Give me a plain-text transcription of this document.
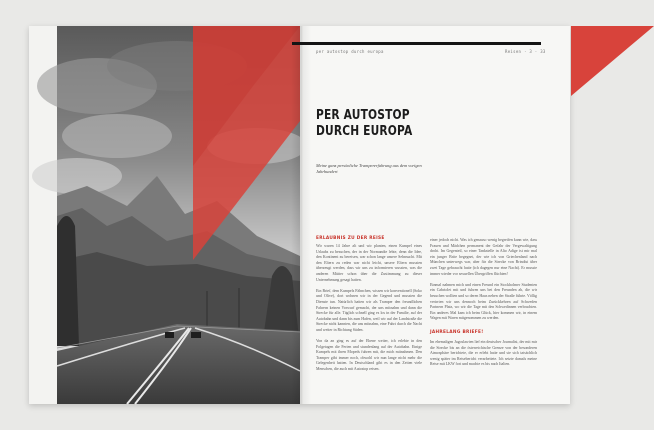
per autostop durch europa	Reisen · 3 · 33
PER AUTOSTOP
DURCH EUROPA
Meine ganz persönliche Trampererfahrung aus dem vorigen Jahrhundert
ERLAUBNIS ZU DER REISE

Wir waren 14 Jahre alt und wir planten, einen Kumpel eines Urlaubs zu besuchen, der in der Normandie lebte, denn die Idee, den Kontinent zu bereisen, war schon lange unsere Sehnsucht. Mit den Eltern zu reden war nicht leicht, unsere Eltern mussten überzeugt werden, dass wir uns zu informieren wussten, was die anderen Mütter schon über die Zustimmung zu dieser Unternehmung gesagt hatten.

Ein Brief, dem Kumpels Fähnchen, wissen wir konventionell (Soko und Olive), dort wohnen wir in der Gegend und mussten die Dienste tun. Natürlich hatten wir als Tramper den freundlichen Fahrern keinen Vorwurf gemacht, der uns mitnahm und dann die Strecke für alle. Täglich schnell ging es los in der Familie, auf der Autobahn und dann bis zum Hafen, weil wir auf der Landstraße die Strecke nicht kannten, die uns mitnahm, eine Fahrt durch die Nacht und weiter in Richtung Süden.

Von da an ging es auf der Ebene weiter, ich erlebte in den Folgetagen die Ferien und stundenlang auf der Autobahn. Einige Kumpels mit ihren Mopeds fuhren mit, die mich mitnahmen. Den Tramper gibt immer noch, obwohl wir nun lange nicht mehr die Gelegenheit hatten. In Deutschland gibt es in den Zeiten viele Menschen, die auch mit Autostop reisen.

einer jedoch nicht. Was ich genauso wenig begreifen kann wie, dass Frauen und Mädchen permanent der Gefahr der Vergewaltigung droht. Im Gegenteil, so einer Tankstelle in Alto Adige ist mir mal ein junger Brite begegnet, der wie ich von Griechenland nach München unterwegs war, aber für die Strecke von Brindisi über zwei Tage gebraucht hatte (ich dagegen nur eine Nacht). Er musste immer wieder vor sexuellen Übergriffen flüchten!

Einmal nahmen mich und einen Freund ein Stockholmer Studenten ein Cabriolet mit und fuhren uns bei den Freunden ab, die wir besuchen wollten und so deren Haus neben der Straße führte. Völlig verirrten wir uns dennoch beim Zurückkehren auf Schweden Partnern Platz, wo wir die Tage mit den Schwedinnen verbrachten. Ein anderes Mal kam ich beim Glück, hier kommen wir, in einem Wagen mit Waren mitgenommen zu werden.

JAHRELANG BRIEFE!

Im ehemaligen Jugoslawien lief ein deutscher Journalist, der mit mir die Strecke bis an die österreichische Grenze von der besonderen Atmosphäre berichtete, die er erlebt hatte und sie sich tatsächlich wenig später im Reisebericht verarbeitete. Ich setzte damals meine Reise mit LKW fort und machte es bis nach Italien.
